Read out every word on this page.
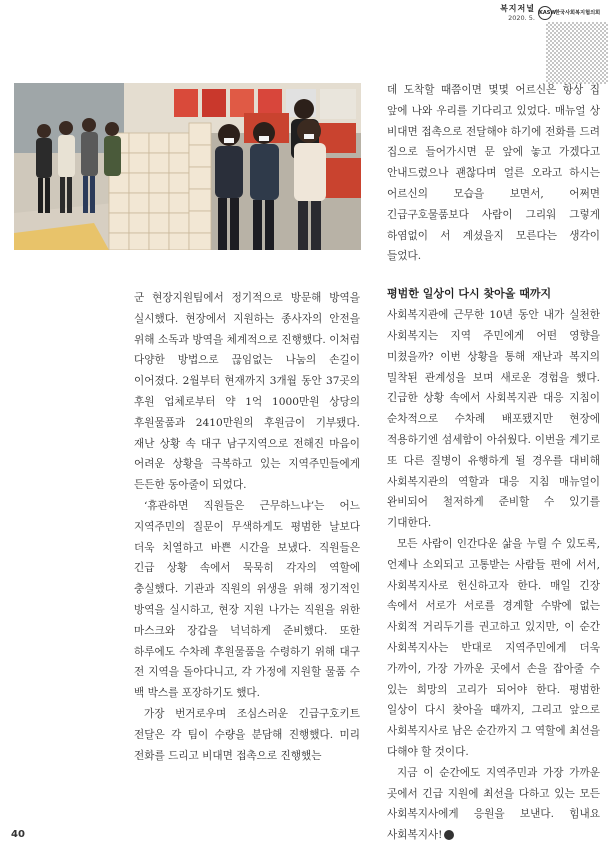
복지저널
2020. 5.
KASW 한국사회복지협의회

군 현장지원팀에서 정기적으로 방문해 방역을 실시했다. 현장에서 지원하는 종사자의 안전을 위해 소독과 방역을 체계적으로 진행했다. 이처럼 다양한 방법으로 끊임없는 나눔의 손길이 이어졌다. 2월부터 현재까지 3개월 동안 37곳의 후원 업체로부터 약 1억 1000만원 상당의 후원물품과 2410만원의 후원금이 기부됐다. 재난 상황 속 대구 남구지역으로 전해진 마음이 어려운 상황을 극복하고 있는 지역주민들에게 든든한 동아줄이 되었다.

‘휴관하면 직원들은 근무하느냐’는 어느 지역주민의 질문이 무색하게도 평범한 날보다 더욱 치열하고 바쁜 시간을 보냈다. 직원들은 긴급 상황 속에서 묵묵히 각자의 역할에 충실했다. 기관과 직원의 위생을 위해 정기적인 방역을 실시하고, 현장 지원 나가는 직원을 위한 마스크와 장갑을 넉넉하게 준비했다. 또한 하루에도 수차례 후원물품을 수령하기 위해 대구 전 지역을 돌아다니고, 각 가정에 지원할 물품 수 백 박스를 포장하기도 했다.

가장 번거로우며 조심스러운 긴급구호키트 전달은 각 팀이 수량을 분담해 진행했다. 미리 전화를 드리고 비대면 접촉으로 진행했는

데 도착할 때쯤이면 몇몇 어르신은 항상 집 앞에 나와 우리를 기다리고 있었다. 매뉴얼 상 비대면 접촉으로 전달해야 하기에 전화를 드려 집으로 들어가시면 문 앞에 놓고 가겠다고 안내드렸으나 괜찮다며 얼른 오라고 하시는 어르신의 모습을 보면서, 어쩌면 긴급구호물품보다 사람이 그리워 그렇게 하염없이 서 계셨을지 모른다는 생각이 들었다.

평범한 일상이 다시 찾아올 때까지

사회복지관에 근무한 10년 동안 내가 실천한 사회복지는 지역 주민에게 어떤 영향을 미쳤을까? 이번 상황을 통해 재난과 복지의 밀착된 관계성을 보며 새로운 경험을 했다. 긴급한 상황 속에서 사회복지관 대응 지침이 순차적으로 수차례 배포됐지만 현장에 적용하기엔 섬세함이 아쉬웠다. 이번을 계기로 또 다른 질병이 유행하게 될 경우를 대비해 사회복지관의 역할과 대응 지침 매뉴얼이 완비되어 철저하게 준비할 수 있기를 기대한다.

모든 사람이 인간다운 삶을 누릴 수 있도록, 언제나 소외되고 고통받는 사람들 편에 서서, 사회복지사로 헌신하고자 한다. 매일 긴장 속에서 서로가 서로를 경계할 수밖에 없는 사회적 거리두기를 권고하고 있지만, 이 순간 사회복지사는 반대로 지역주민에게 더욱 가까이, 가장 가까운 곳에서 손을 잡아줄 수 있는 희망의 고리가 되어야 한다. 평범한 일상이 다시 찾아올 때까지, 그리고 앞으로 사회복지사로 남은 순간까지 그 역할에 최선을 다해야 할 것이다.

지금 이 순간에도 지역주민과 가장 가까운 곳에서 긴급 지원에 최선을 다하고 있는 모든 사회복지사에게 응원을 보낸다. 힘내요 사회복지사! W

40
